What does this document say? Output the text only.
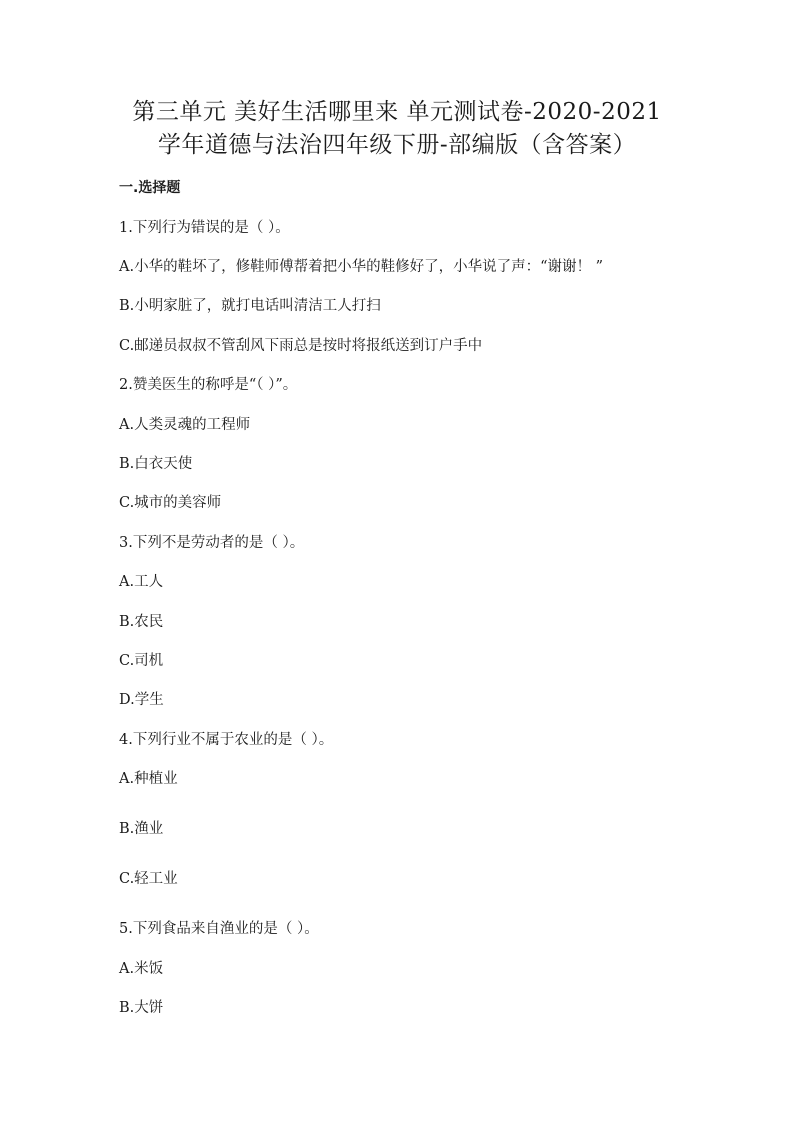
第三单元 美好生活哪里来 单元测试卷-2020-2021
学年道德与法治四年级下册-部编版（含答案）

一.选择题

1.下列行为错误的是（ ）。

A.小华的鞋坏了，修鞋师傅帮着把小华的鞋修好了，小华说了声：“谢谢！ ”

B.小明家脏了，就打电话叫清洁工人打扫

C.邮递员叔叔不管刮风下雨总是按时将报纸送到订户手中

2.赞美医生的称呼是“（ ）”。

A.人类灵魂的工程师

B.白衣天使

C.城市的美容师

3.下列不是劳动者的是（ ）。

A.工人

B.农民

C.司机

D.学生

4.下列行业不属于农业的是（ ）。

A.种植业

B.渔业

C.轻工业

5.下列食品来自渔业的是（ ）。

A.米饭

B.大饼
